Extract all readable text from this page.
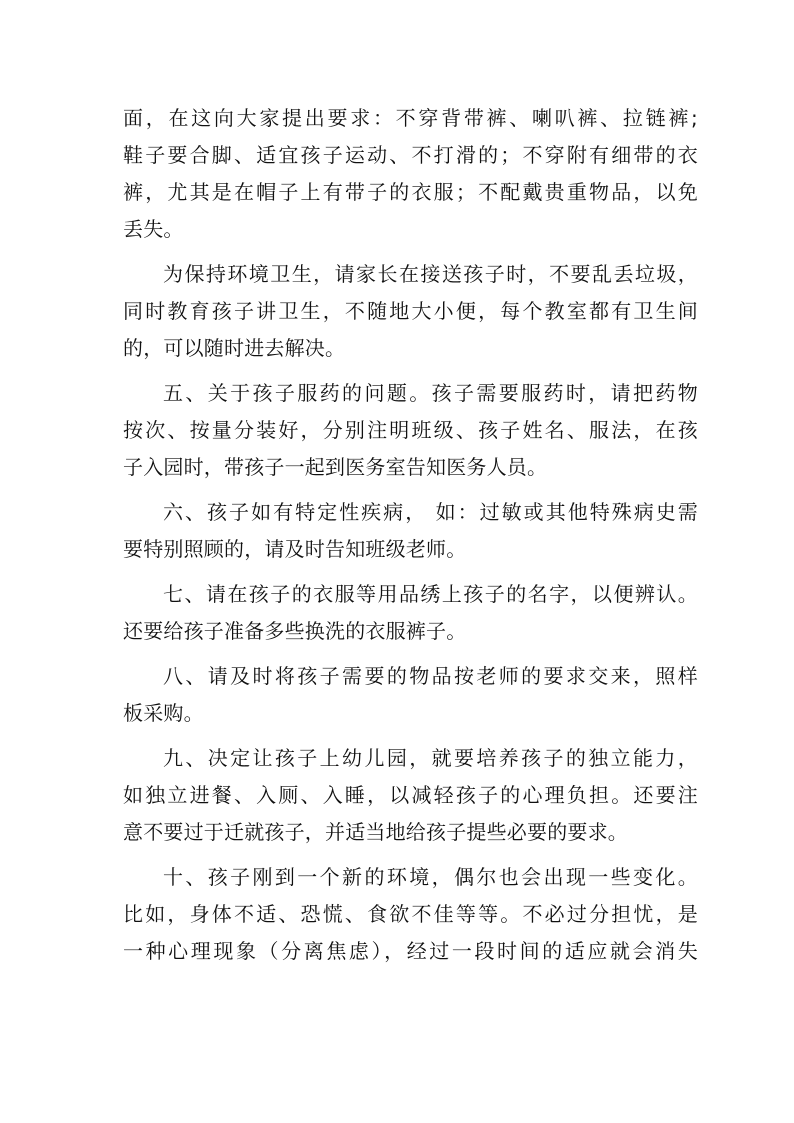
面，在这向大家提出要求：不穿背带裤、喇叭裤、拉链裤;
鞋子要合脚、适宜孩子运动、不打滑的；不穿附有细带的衣
裤，尤其是在帽子上有带子的衣服；不配戴贵重物品，以免
丢失。
为保持环境卫生，请家长在接送孩子时，不要乱丢垃圾，
同时教育孩子讲卫生，不随地大小便，每个教室都有卫生间
的，可以随时进去解决。
五、关于孩子服药的问题。孩子需要服药时，请把药物
按次、按量分装好，分别注明班级、孩子姓名、服法，在孩
子入园时，带孩子一起到医务室告知医务人员。
六、孩子如有特定性疾病， 如：过敏或其他特殊病史需
要特别照顾的，请及时告知班级老师。
七、请在孩子的衣服等用品绣上孩子的名字，以便辨认。
还要给孩子准备多些换洗的衣服裤子。
八、请及时将孩子需要的物品按老师的要求交来，照样
板采购。
九、决定让孩子上幼儿园，就要培养孩子的独立能力，
如独立进餐、入厕、入睡，以减轻孩子的心理负担。还要注
意不要过于迁就孩子，并适当地给孩子提些必要的要求。
十、孩子刚到一个新的环境，偶尔也会出现一些变化。
比如，身体不适、恐慌、食欲不佳等等。不必过分担忧，是
一种心理现象（分离焦虑），经过一段时间的适应就会消失
